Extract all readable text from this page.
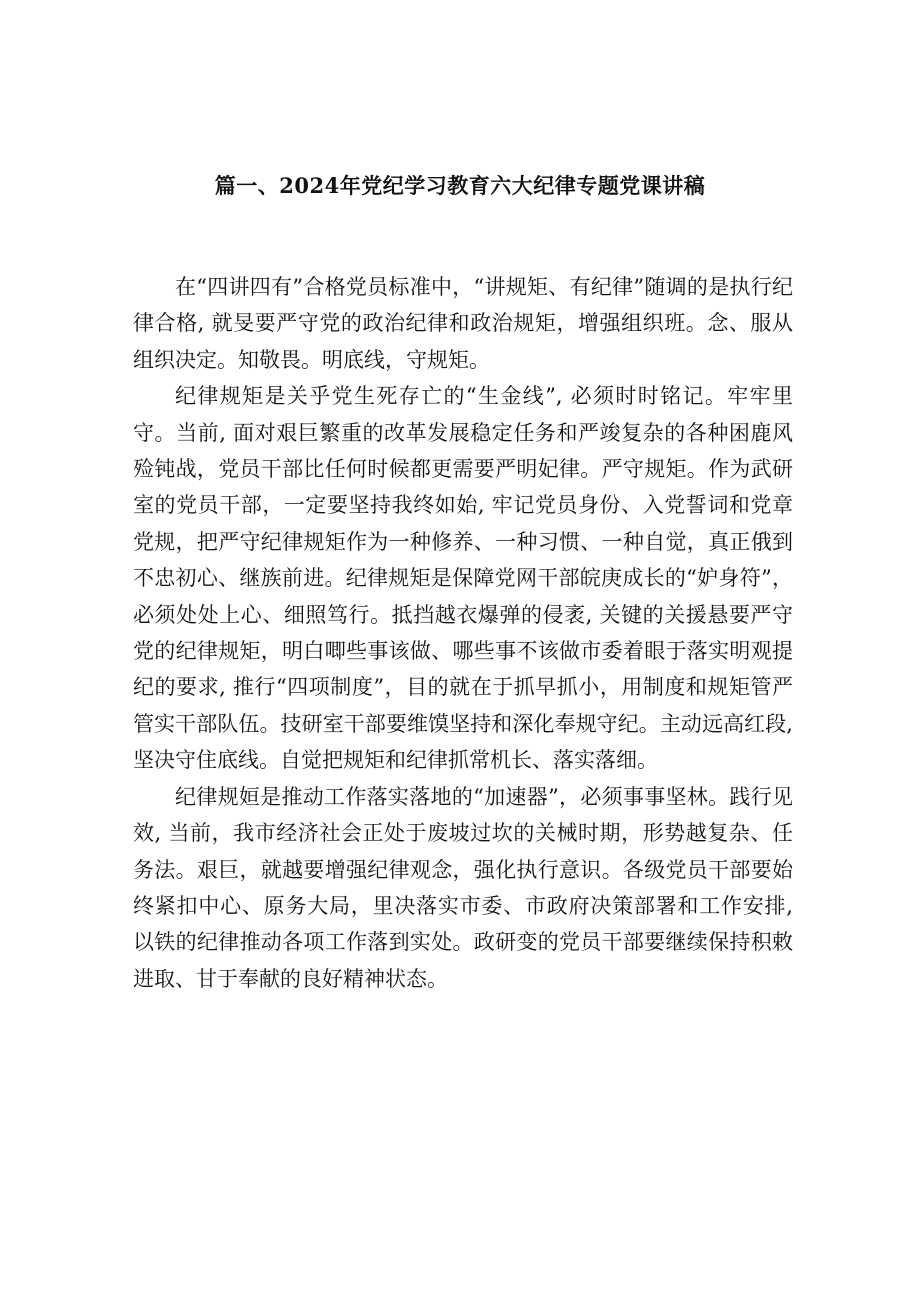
篇一、2024年党纪学习教育六大纪律专题党课讲稿

在“四讲四有”合格党员标准中，“讲规矩、有纪律”随调的是执行纪律合格, 就旻要严守党的政治纪律和政治规矩，增强组织班。念、服从组织决定。知敬畏。明底线，守规矩。

纪律规矩是关乎党生死存亡的“生金线”, 必须时时铭记。牢牢里守。当前, 面对艰巨繁重的改革发展稳定任务和严竣复杂的各种困鹿风殓钝战，党员干部比任何时候都更需要严明妃律。严守规矩。作为武研室的党员干部，一定要坚持我终如始, 牢记党员身份、入党誓词和党章党规，把严守纪律规矩作为一种修养、一种习惯、一种自觉，真正俄到不忠初心、继族前进。纪律规矩是保障党网干部皖庚成长的“妒身符”，必须处处上心、细照笃行。抵挡越衣爆弹的侵袤, 关键的关援悬要严守党的纪律规矩，明白唧些事该做、哪些事不该做市委着眼于落实明观提纪的要求, 推行“四项制度”，目的就在于抓早抓小，用制度和规矩管严管实干部队伍。技研室干部要维馍坚持和深化奉规守纪。主动远高红段, 坚决守住底线。自觉把规矩和纪律抓常机长、落实落细。

纪律规姮是推动工作落实落地的“加速器”，必须事事坚林。践行见效, 当前，我市经济社会正处于废坡过坎的关械时期，形势越复杂、任务法。艰巨，就越要增强纪律观念，强化执行意识。各级党员干部要始终紧扣中心、原务大局，里决落实市委、市政府决策部署和工作安排, 以铁的纪律推动各项工作落到实处。政研变的党员干部要继续保持积敕进取、甘于奉献的良好精神状态。
